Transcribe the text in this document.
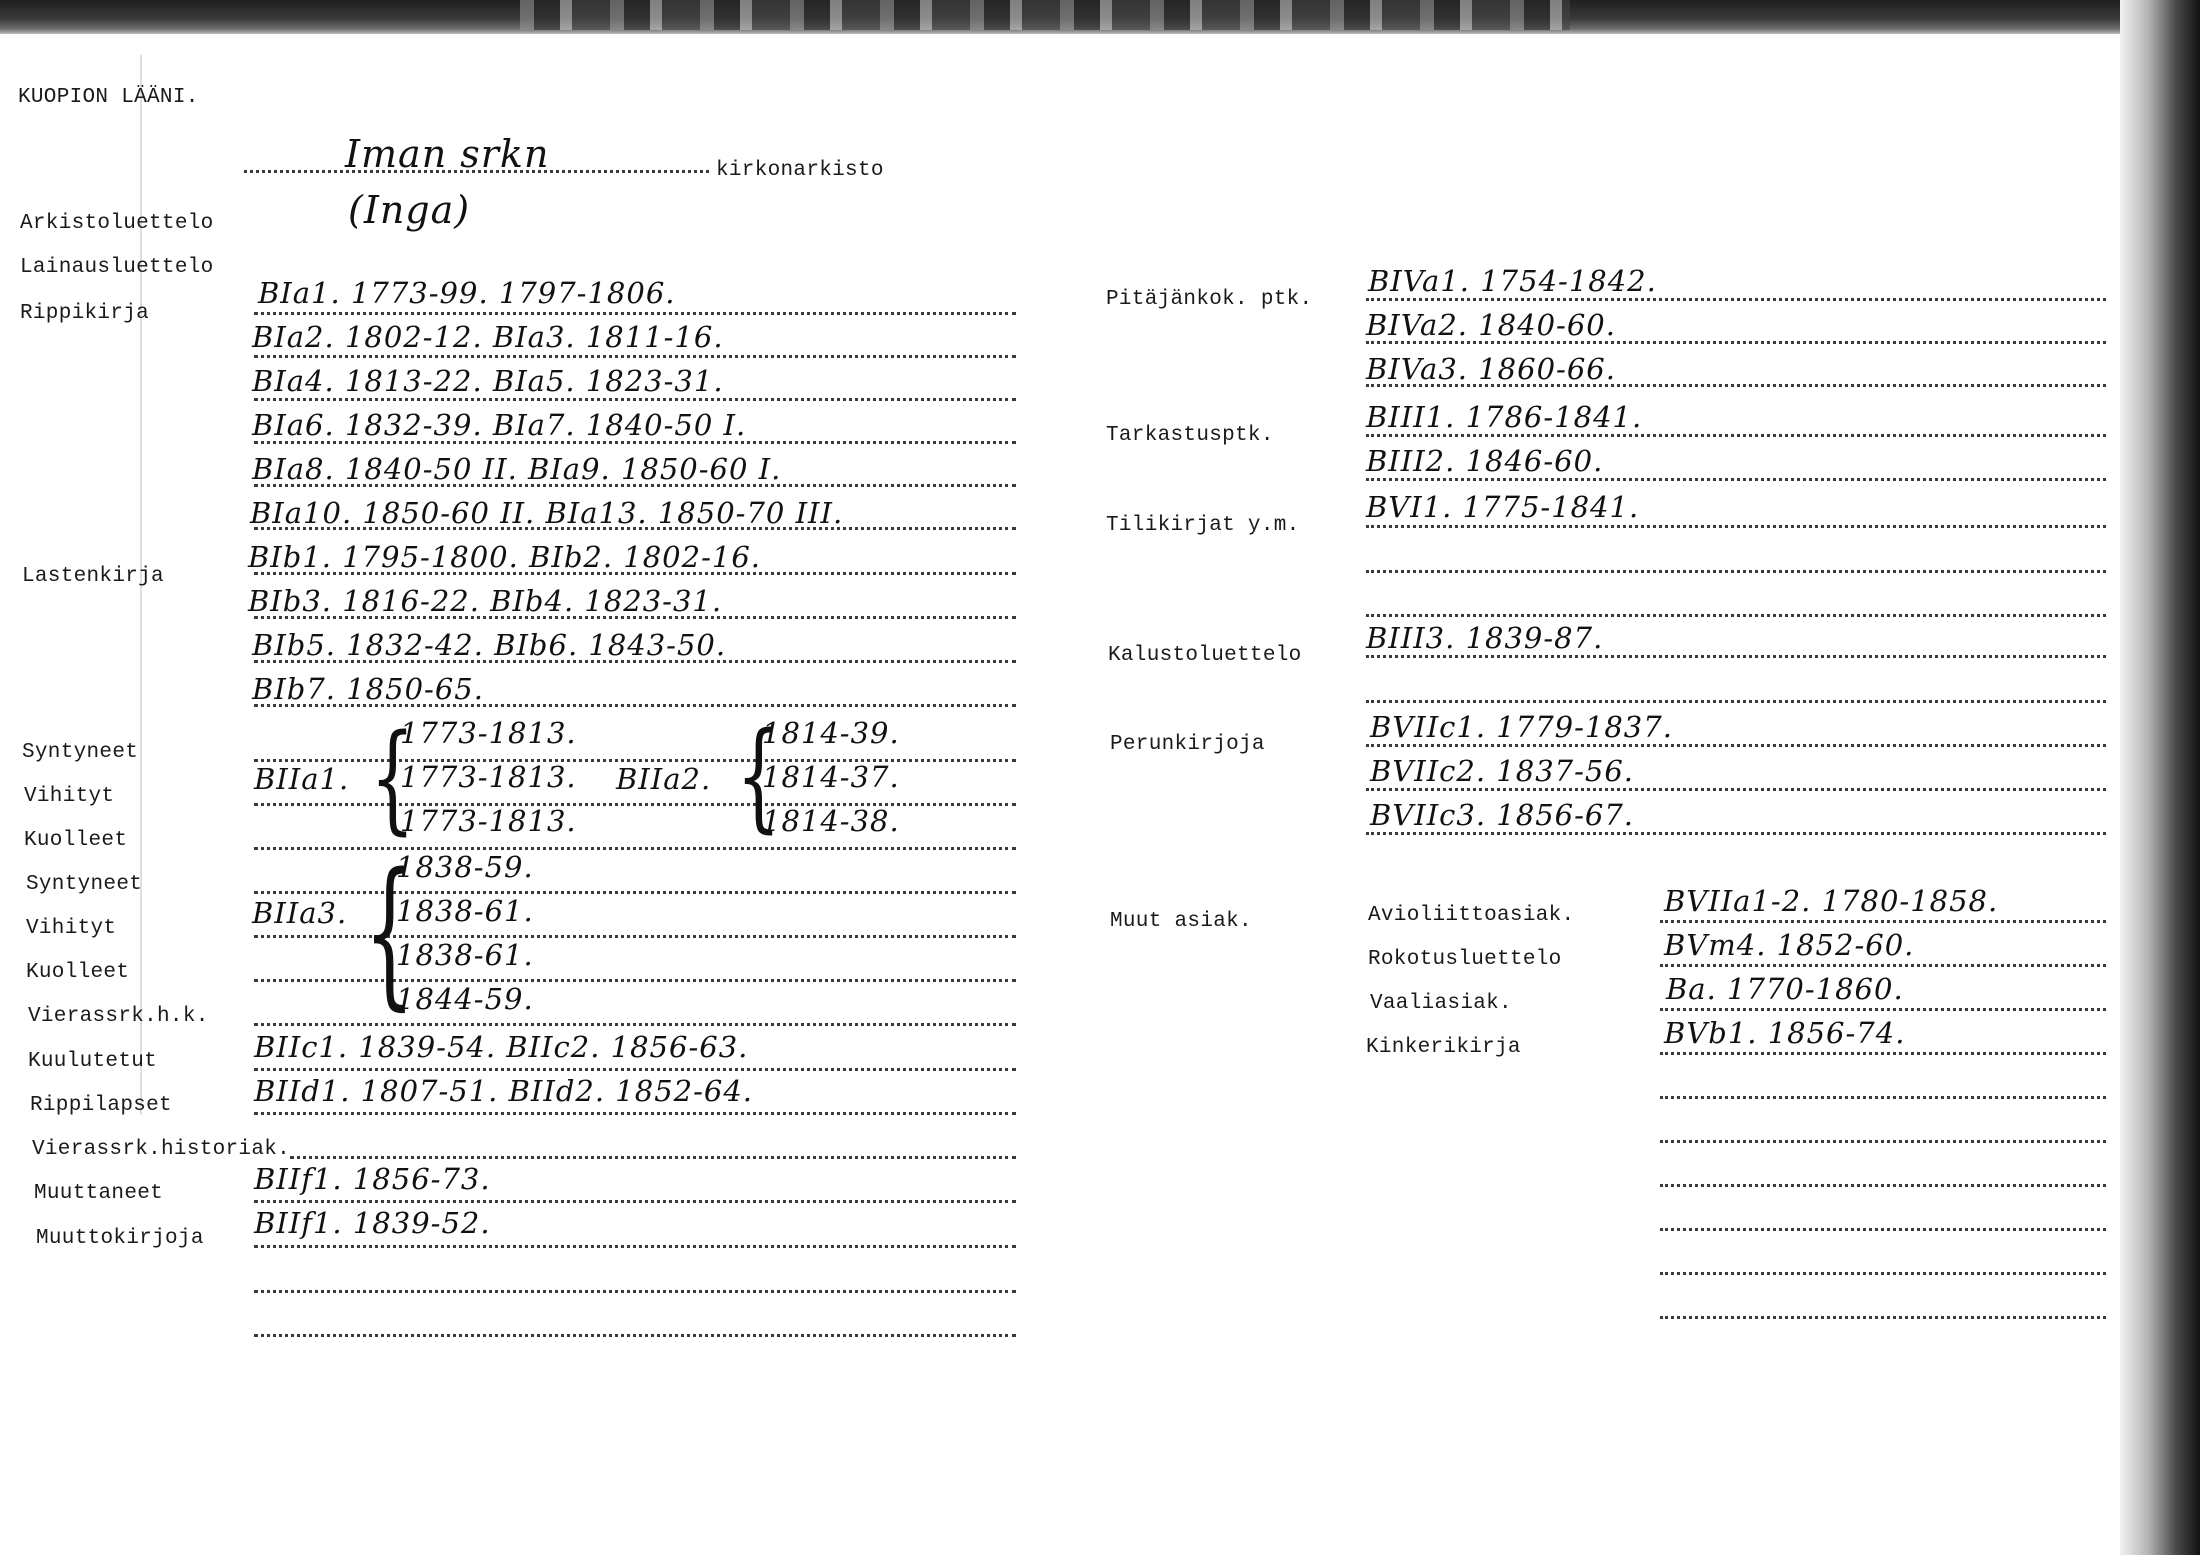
KUOPION LÄÄNI.
Iman srkn
(Inga)
kirkonarkisto
Arkistoluettelo
Lainausluettelo
Rippikirja
Lastenkirja
Syntyneet
Vihityt
Kuolleet
Syntyneet
Vihityt
Kuolleet
Vierassrk.h.k.
Kuulutetut
Rippilapset
Vierassrk.historiak.
Muuttaneet
Muuttokirjoja
BIa1. 1773-99. 1797-1806.
BIa2. 1802-12. BIa3. 1811-16.
BIa4. 1813-22. BIa5. 1823-31.
BIa6. 1832-39. BIa7. 1840-50 I.
BIa8. 1840-50 II. BIa9. 1850-60 I.
BIa10. 1850-60 II. BIa13. 1850-70 III.
BIb1. 1795-1800. BIb2. 1802-16.
BIb3. 1816-22. BIb4. 1823-31.
BIb5. 1832-42. BIb6. 1843-50.
BIb7. 1850-65.
BIIa1. {
1773-1813.
1773-1813.
1773-1813.
BIIa2. {
1814-39.
1814-37.
1814-38.
BIIa3. {
1838-59.
1838-61.
1838-61.
1844-59.
BIIc1. 1839-54. BIIc2. 1856-63.
BIId1. 1807-51. BIId2. 1852-64.
BIIf1. 1856-73.
BIIf1. 1839-52.
Pitäjänkok. ptk.
Tarkastusptk.
Tilikirjat y.m.
Kalustoluettelo
Perunkirjoja
Muut asiak.
BIVa1. 1754-1842.
BIVa2. 1840-60.
BIVa3. 1860-66.
BIII1. 1786-1841.
BIII2. 1846-60.
BVI1. 1775-1841.
BIII3. 1839-87.
BVIIc1. 1779-1837.
BVIIc2. 1837-56.
BVIIc3. 1856-67.
Avioliittoasiak.
Rokotusluettelo
Vaaliasiak.
Kinkerikirja
BVIIa1-2. 1780-1858.
BVm4. 1852-60.
Ba. 1770-1860.
BVb1. 1856-74.
